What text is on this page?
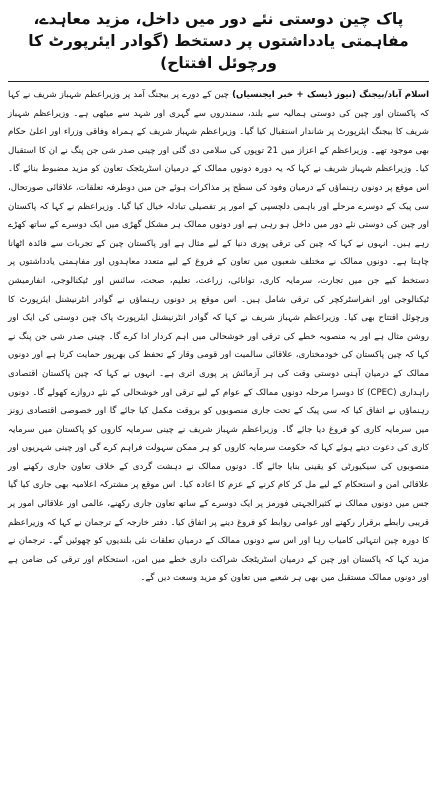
پاک چین دوستی نئے دور میں داخل، مزید معاہدے، مفاہمتی یادداشتوں پر دستخط (گوادر ایئرپورٹ کا ورچوئل افتتاح)

اسلام آباد/بیجنگ (نیوز ڈیسک + خبر ایجنسیاں) چین کے دورے پر بیجنگ آمد پر وزیراعظم شہباز شریف نے کہا کہ پاکستان اور چین کی دوستی ہمالیہ سے بلند، سمندروں سے گہری اور شہد سے میٹھی ہے۔ وزیراعظم شہباز شریف کا بیجنگ ایئرپورٹ پر شاندار استقبال کیا گیا۔ وزیراعظم شہباز شریف کے ہمراہ وفاقی وزراء اور اعلیٰ حکام بھی موجود تھے۔ وزیراعظم کے اعزاز میں 21 توپوں کی سلامی دی گئی اور چینی صدر شی جن پنگ نے ان کا استقبال کیا۔ وزیراعظم شہباز شریف نے کہا کہ یہ دورہ دونوں ممالک کے درمیان اسٹریٹجک تعاون کو مزید مضبوط بنائے گا۔ اس موقع پر دونوں رہنماؤں کے درمیان وفود کی سطح پر مذاکرات ہوئے جن میں دوطرفہ تعلقات، علاقائی صورتحال، سی پیک کے دوسرے مرحلے اور باہمی دلچسپی کے امور پر تفصیلی تبادلہ خیال کیا گیا۔ وزیراعظم نے کہا کہ پاکستان اور چین کی دوستی نئے دور میں داخل ہو رہی ہے اور دونوں ممالک ہر مشکل گھڑی میں ایک دوسرے کے ساتھ کھڑے رہے ہیں۔ انہوں نے کہا کہ چین کی ترقی پوری دنیا کے لیے مثال ہے اور پاکستان چین کے تجربات سے فائدہ اٹھانا چاہتا ہے۔ دونوں ممالک نے مختلف شعبوں میں تعاون کے فروغ کے لیے متعدد معاہدوں اور مفاہمتی یادداشتوں پر دستخط کیے جن میں تجارت، سرمایہ کاری، توانائی، زراعت، تعلیم، صحت، سائنس اور ٹیکنالوجی، انفارمیشن ٹیکنالوجی اور انفراسٹرکچر کی ترقی شامل ہیں۔ اس موقع پر دونوں رہنماؤں نے گوادر انٹرنیشنل ایئرپورٹ کا ورچوئل افتتاح بھی کیا۔ وزیراعظم شہباز شریف نے کہا کہ گوادر انٹرنیشنل ایئرپورٹ پاک چین دوستی کی ایک اور روشن مثال ہے اور یہ منصوبہ خطے کی ترقی اور خوشحالی میں اہم کردار ادا کرے گا۔ چینی صدر شی جن پنگ نے کہا کہ چین پاکستان کی خودمختاری، علاقائی سالمیت اور قومی وقار کے تحفظ کی بھرپور حمایت کرتا ہے اور دونوں ممالک کے درمیان آہنی دوستی وقت کی ہر آزمائش پر پوری اتری ہے۔ انہوں نے کہا کہ چین پاکستان اقتصادی راہداری (CPEC) کا دوسرا مرحلہ دونوں ممالک کے عوام کے لیے ترقی اور خوشحالی کے نئے دروازے کھولے گا۔ دونوں رہنماؤں نے اتفاق کیا کہ سی پیک کے تحت جاری منصوبوں کو بروقت مکمل کیا جائے گا اور خصوصی اقتصادی زونز میں سرمایہ کاری کو فروغ دیا جائے گا۔ وزیراعظم شہباز شریف نے چینی سرمایہ کاروں کو پاکستان میں سرمایہ کاری کی دعوت دیتے ہوئے کہا کہ حکومت سرمایہ کاروں کو ہر ممکن سہولت فراہم کرے گی اور چینی شہریوں اور منصوبوں کی سیکیورٹی کو یقینی بنایا جائے گا۔ دونوں ممالک نے دہشت گردی کے خلاف تعاون جاری رکھنے اور علاقائی امن و استحکام کے لیے مل کر کام کرنے کے عزم کا اعادہ کیا۔ اس موقع پر مشترکہ اعلامیہ بھی جاری کیا گیا جس میں دونوں ممالک نے کثیرالجہتی فورمز پر ایک دوسرے کے ساتھ تعاون جاری رکھنے، عالمی اور علاقائی امور پر قریبی رابطے برقرار رکھنے اور عوامی روابط کو فروغ دینے پر اتفاق کیا۔ دفتر خارجہ کے ترجمان نے کہا کہ وزیراعظم کا دورہ چین انتہائی کامیاب رہا اور اس سے دونوں ممالک کے درمیان تعلقات نئی بلندیوں کو چھوئیں گے۔ ترجمان نے مزید کہا کہ پاکستان اور چین کے درمیان اسٹریٹجک شراکت داری خطے میں امن، استحکام اور ترقی کی ضامن ہے اور دونوں ممالک مستقبل میں بھی ہر شعبے میں تعاون کو مزید وسعت دیں گے۔
